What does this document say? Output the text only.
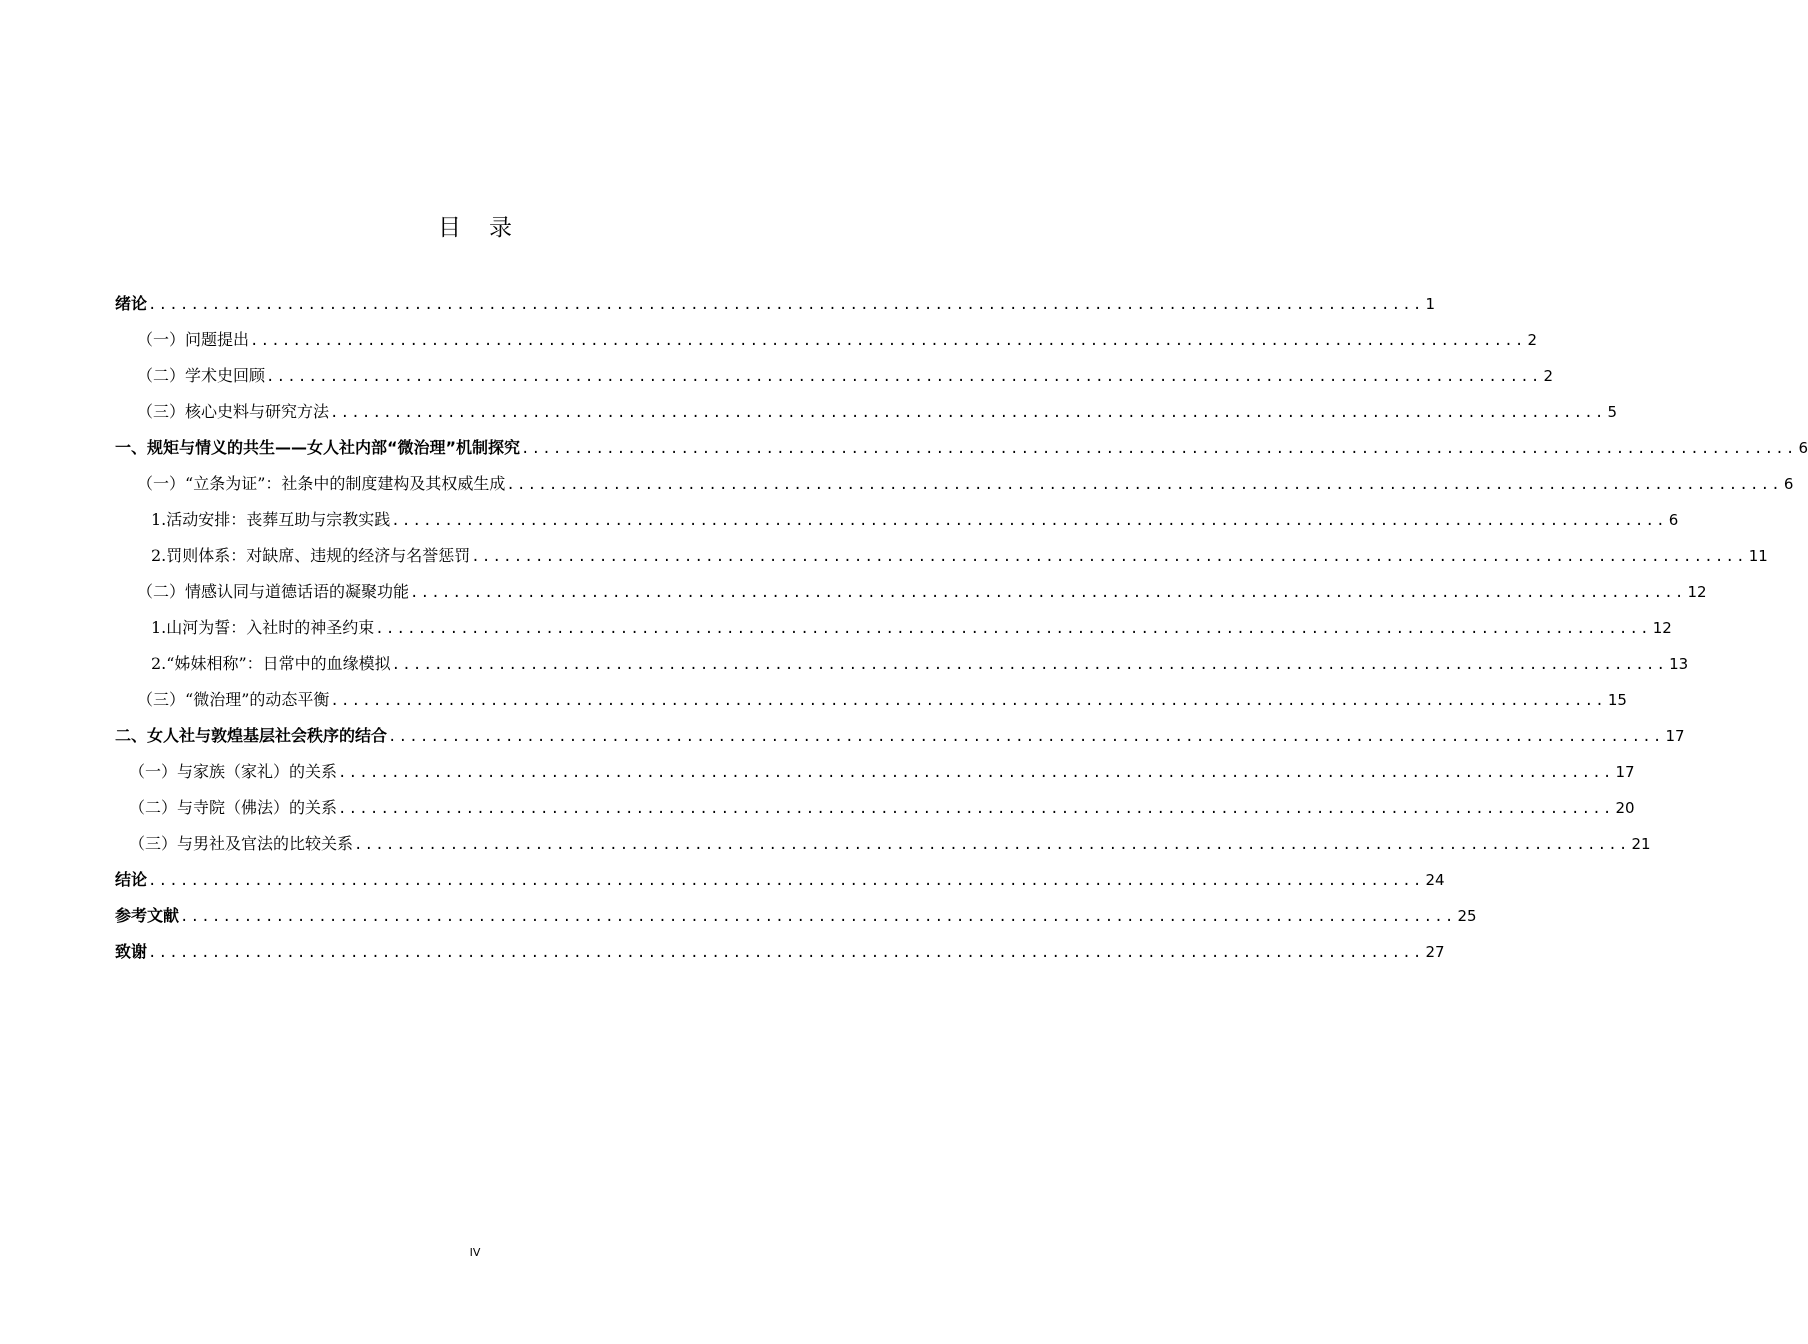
目 录
绪论 ........................................................................................................................ 1
（一） 问题提出 ........................................................................................................................ 2
（二） 学术史回顾 ........................................................................................................................ 2
（三） 核心史料与研究方法 ........................................................................................................................ 5
一、规矩与情义的共生——女人社内部“微治理”机制探究 ........................................................................................................................ 6
（一） “立条为证”：社条中的制度建构及其权威生成 ........................................................................................................................ 6
1. 活动安排：丧葬互助与宗教实践 ........................................................................................................................ 6
2. 罚则体系：对缺席、违规的经济与名誉惩罚 ........................................................................................................................ 11
（二） 情感认同与道德话语的凝聚功能 ........................................................................................................................ 12
1. 山河为誓：入社时的神圣约束 ........................................................................................................................ 12
2. “姊妹相称”：日常中的血缘模拟 ........................................................................................................................ 13
（三） “微治理”的动态平衡 ........................................................................................................................ 15
二、 女人社与敦煌基层社会秩序的结合 ........................................................................................................................ 17
（一） 与家族（家礼）的关系 ........................................................................................................................ 17
（二） 与寺院（佛法）的关系 ........................................................................................................................ 20
（三） 与男社及官法的比较关系 ........................................................................................................................ 21
结论 ........................................................................................................................ 24
参考文献 ........................................................................................................................ 25
致谢 ........................................................................................................................ 27
IV
